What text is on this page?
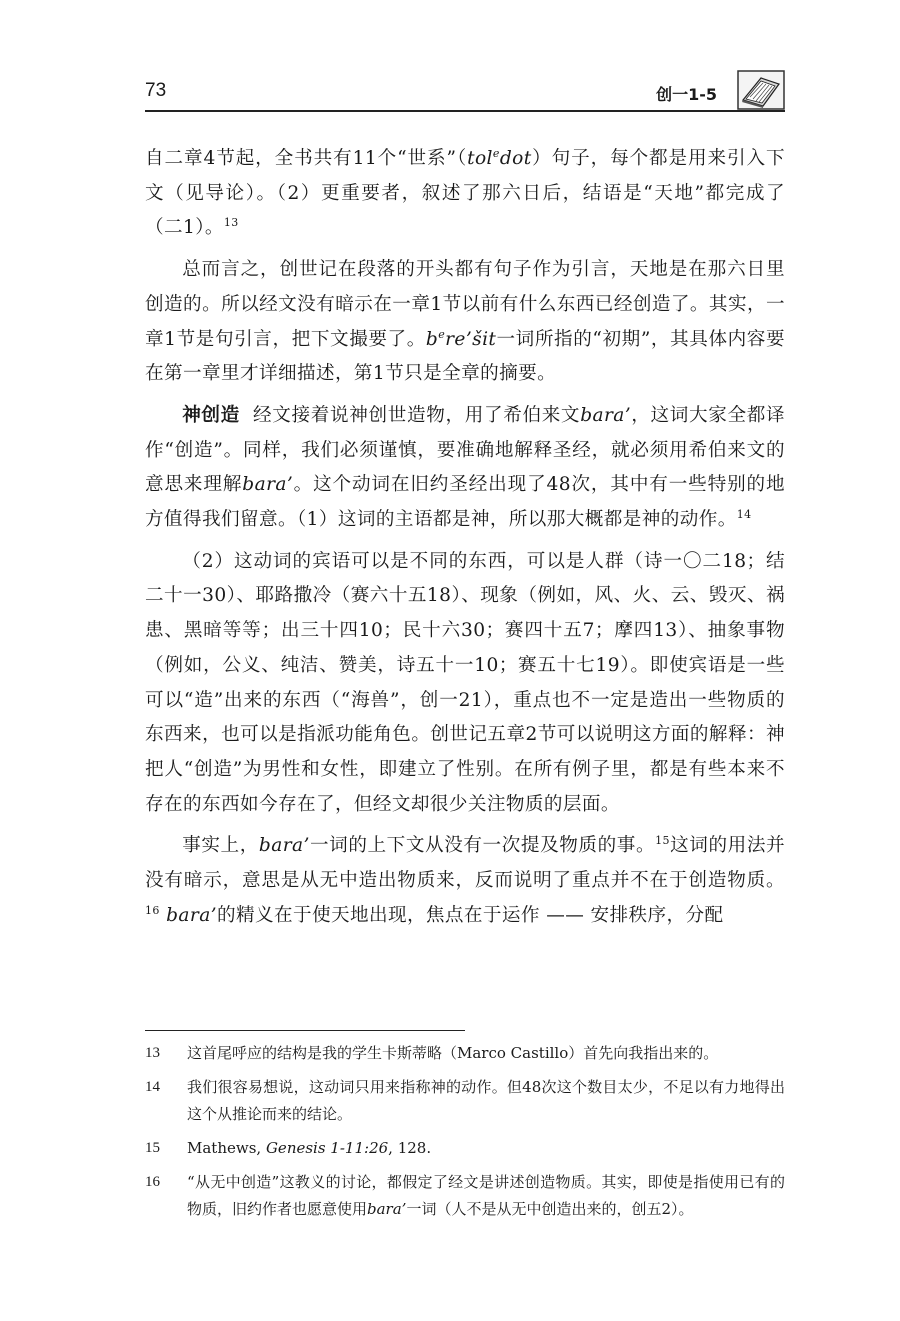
73	创一1-5

自二章4节起，全书共有11个“世系”（tol$^e$dot）句子，每个都是用来引入下文（见导论）。（2）更重要者，叙述了那六日后，结语是“天地”都完成了（二1）。$^{13}$

总而言之，创世记在段落的开头都有句子作为引言，天地是在那六日里创造的。所以经文没有暗示在一章1节以前有什么东西已经创造了。其实，一章1节是句引言，把下文撮要了。$b^ere’šit$一词所指的“初期”，其具体内容要在第一章里才详细描述，第1节只是全章的摘要。

神创造 经文接着说神创世造物，用了希伯来文bara’，这词大家全都译作“创造”。同样，我们必须谨慎，要准确地解释圣经，就必须用希伯来文的意思来理解bara’。这个动词在旧约圣经出现了48次，其中有一些特别的地方值得我们留意。（1）这词的主语都是神，所以那大概都是神的动作。$^{14}$

（2）这动词的宾语可以是不同的东西，可以是人群（诗一〇二18；结二十一30）、耶路撒冷（赛六十五18）、现象（例如，风、火、云、毁灭、祸患、黑暗等等；出三十四10；民十六30；赛四十五7；摩四13）、抽象事物（例如，公义、纯洁、赞美，诗五十一10；赛五十七19）。即使宾语是一些可以“造”出来的东西（“海兽”，创一21），重点也不一定是造出一些物质的东西来，也可以是指派功能角色。创世记五章2节可以说明这方面的解释：神把人“创造”为男性和女性，即建立了性别。在所有例子里，都是有些本来不存在的东西如今存在了，但经文却很少关注物质的层面。

事实上，bara’一词的上下文从没有一次提及物质的事。$^{15}$这词的用法并没有暗示，意思是从无中造出物质来，反而说明了重点并不在于创造物质。$^{16}$ bara’的精义在于使天地出现，焦点在于运作 —— 安排秩序，分配

13 这首尾呼应的结构是我的学生卡斯蒂略（Marco Castillo）首先向我指出来的。
14 我们很容易想说，这动词只用来指称神的动作。但48次这个数目太少，不足以有力地得出这个从推论而来的结论。
15 Mathews, Genesis 1-11:26, 128.
16 “从无中创造”这教义的讨论，都假定了经文是讲述创造物质。其实，即使是指使用已有的物质，旧约作者也愿意使用bara’一词（人不是从无中创造出来的，创五2）。
